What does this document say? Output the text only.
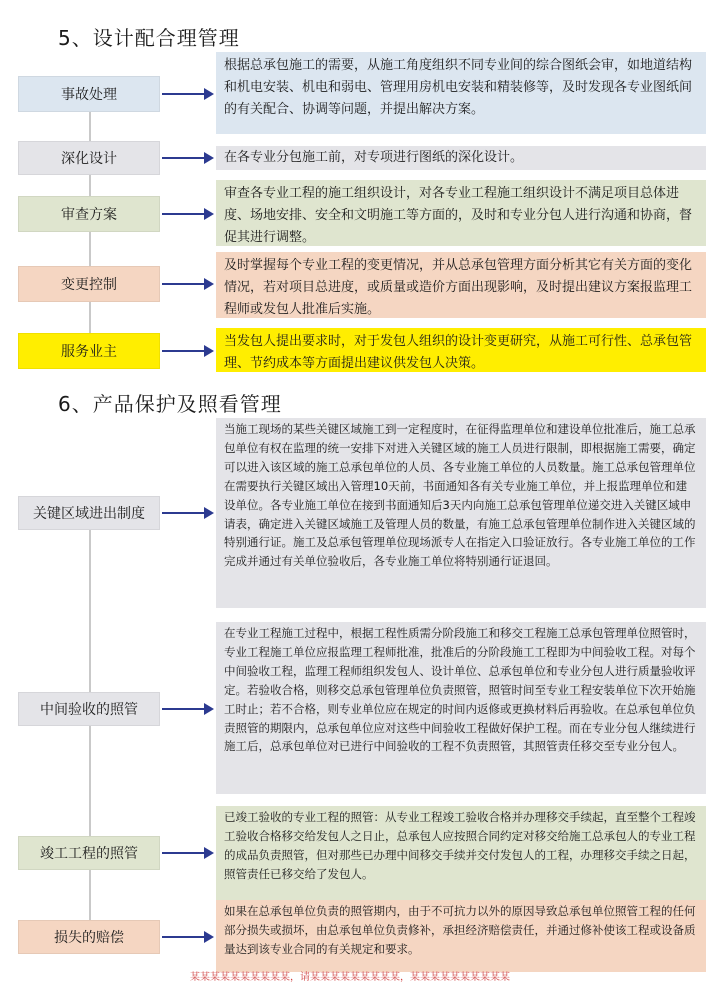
5、设计配合理管理
事故处理
根据总承包施工的需要，从施工角度组织不同专业间的综合图纸会审，如地道结构和机电安装、机电和弱电、管理用房机电安装和精装修等，及时发现各专业图纸间的有关配合、协调等问题，并提出解决方案。
深化设计	在各专业分包施工前，对专项进行图纸的深化设计。
审查方案
审查各专业工程的施工组织设计，对各专业工程施工组织设计不满足项目总体进度、场地安排、安全和文明施工等方面的，及时和专业分包人进行沟通和协商，督促其进行调整。
变更控制
及时掌握每个专业工程的变更情况，并从总承包管理方面分析其它有关方面的变化情况，若对项目总进度，或质量或造价方面出现影响，及时提出建议方案报监理工程师或发包人批准后实施。
服务业主
当发包人提出要求时，对于发包人组织的设计变更研究，从施工可行性、总承包管理、节约成本等方面提出建议供发包人决策。
6、产品保护及照看管理
关键区域进出制度
当施工现场的某些关键区域施工到一定程度时，在征得监理单位和建设单位批准后，施工总承包单位有权在监理的统一安排下对进入关键区域的施工人员进行限制，即根据施工需要，确定可以进入该区域的施工总承包单位的人员、各专业施工单位的人员数量。施工总承包管理单位在需要执行关键区域出入管理10天前，书面通知各有关专业施工单位，并上报监理单位和建设单位。各专业施工单位在接到书面通知后3天内向施工总承包管理单位递交进入关键区域申请表，确定进入关键区域施工及管理人员的数量，有施工总承包管理单位制作进入关键区域的特别通行证。施工及总承包管理单位现场派专人在指定入口验证放行。各专业施工单位的工作完成并通过有关单位验收后，各专业施工单位将特别通行证退回。
中间验收的照管
在专业工程施工过程中，根据工程性质需分阶段施工和移交工程施工总承包管理单位照管时，专业工程施工单位应报监理工程师批准，批准后的分阶段施工工程即为中间验收工程。对每个中间验收工程，监理工程师组织发包人、设计单位、总承包单位和专业分包人进行质量验收评定。若验收合格，则移交总承包管理单位负责照管，照管时间至专业工程安装单位下次开始施工时止；若不合格，则专业单位应在规定的时间内返修或更换材料后再验收。在总承包单位负责照管的期限内，总承包单位应对这些中间验收工程做好保护工程。而在专业分包人继续进行施工后，总承包单位对已进行中间验收的工程不负责照管，其照管责任移交至专业分包人。
竣工工程的照管
已竣工验收的专业工程的照管：从专业工程竣工验收合格并办理移交手续起，直至整个工程竣工验收合格移交给发包人之日止，总承包人应按照合同约定对移交给施工总承包人的专业工程的成品负责照管，但对那些已办理中间移交手续并交付发包人的工程，办理移交手续之日起，照管责任已移交给了发包人。
损失的赔偿
如果在总承包单位负责的照管期内，由于不可抗力以外的原因导致总承包单位照管工程的任何部分损失或损坏，由总承包单位负责修补，承担经济赔偿责任，并通过修补使该工程或设备质量达到该专业合同的有关规定和要求。
某某某某某某某某某某，请某某某某某某某某某，某某某某某某某某某某
